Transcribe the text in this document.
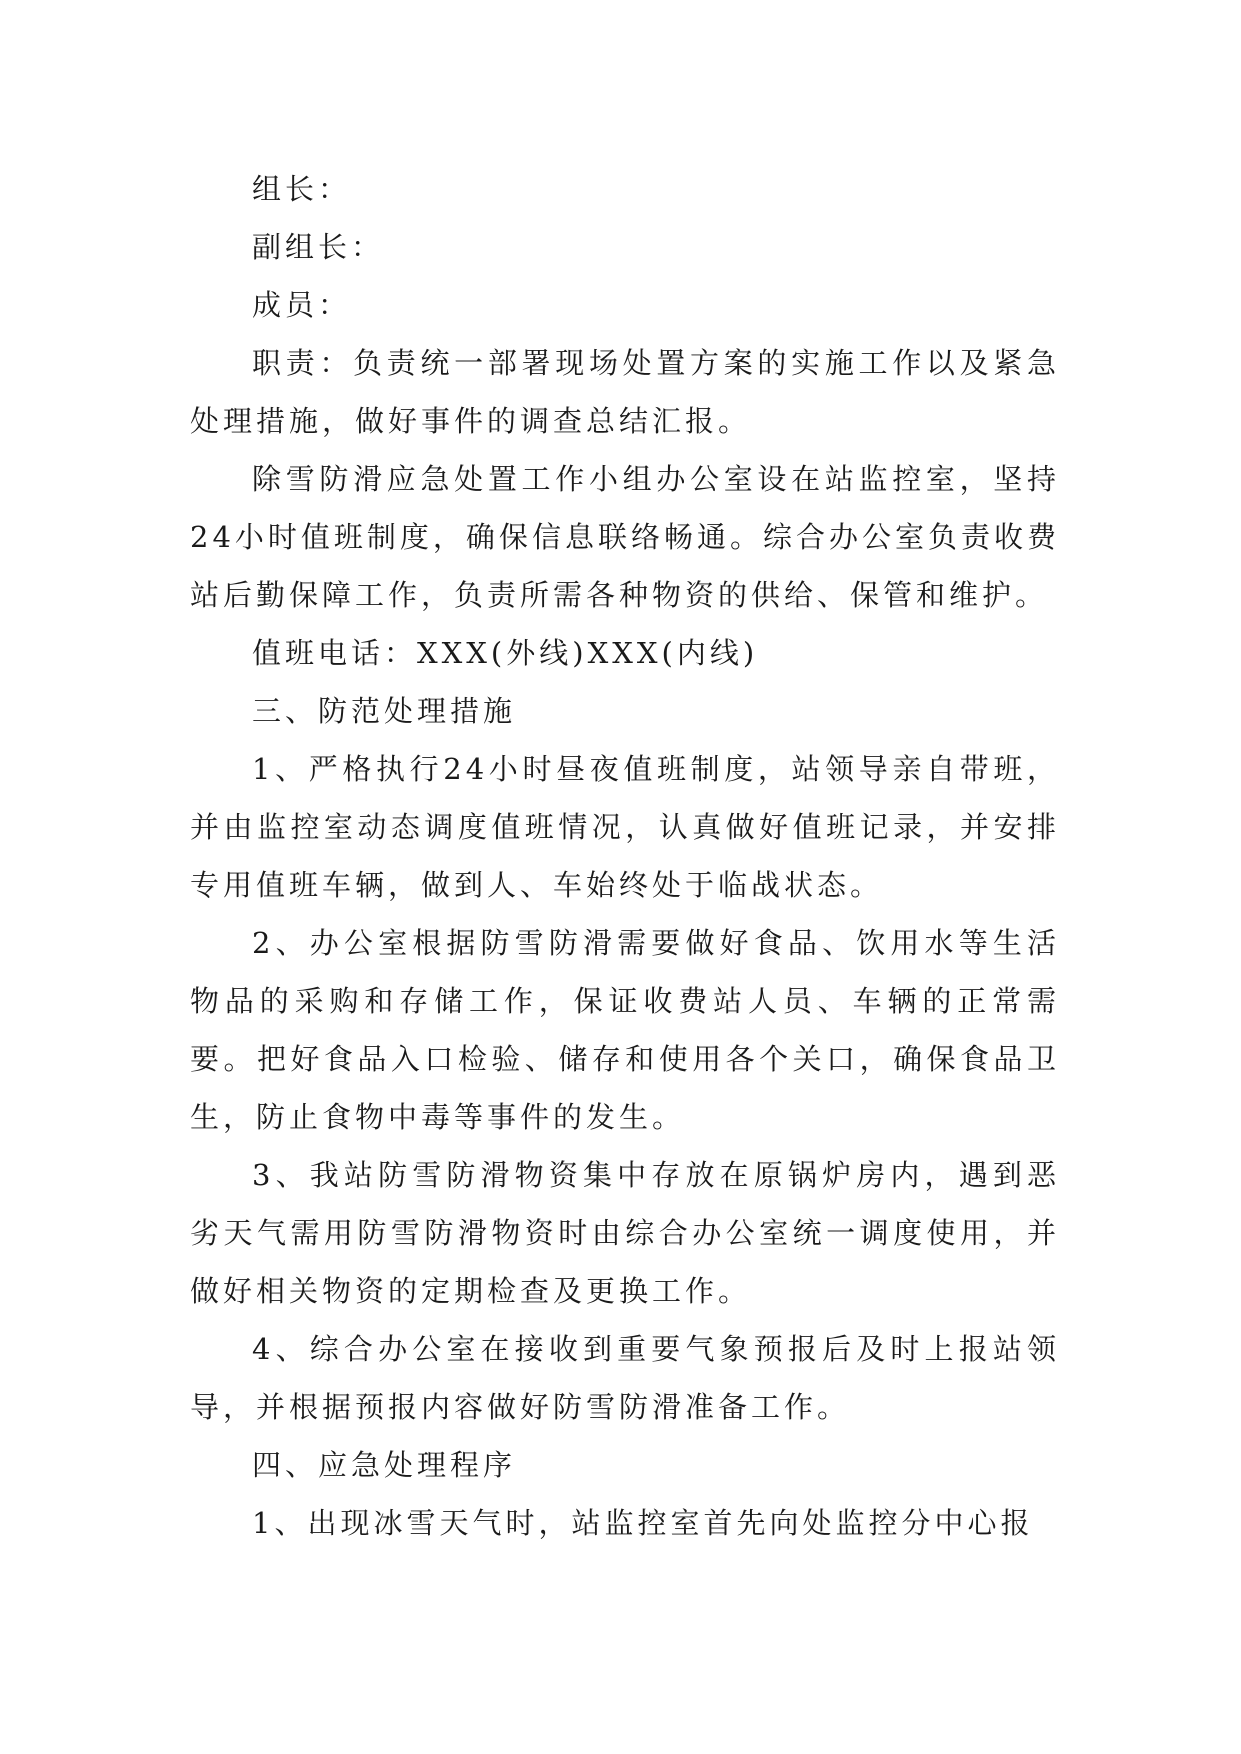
组长：

副组长：

成员：

职责：负责统一部署现场处置方案的实施工作以及紧急处理措施，做好事件的调查总结汇报。

除雪防滑应急处置工作小组办公室设在站监控室，坚持24小时值班制度，确保信息联络畅通。综合办公室负责收费站后勤保障工作，负责所需各种物资的供给、保管和维护。

值班电话：XXX(外线)XXX(内线)

三、防范处理措施

1、严格执行24小时昼夜值班制度，站领导亲自带班，并由监控室动态调度值班情况，认真做好值班记录，并安排专用值班车辆，做到人、车始终处于临战状态。

2、办公室根据防雪防滑需要做好食品、饮用水等生活物品的采购和存储工作，保证收费站人员、车辆的正常需要。把好食品入口检验、储存和使用各个关口，确保食品卫生，防止食物中毒等事件的发生。

3、我站防雪防滑物资集中存放在原锅炉房内，遇到恶劣天气需用防雪防滑物资时由综合办公室统一调度使用，并做好相关物资的定期检查及更换工作。

4、综合办公室在接收到重要气象预报后及时上报站领导，并根据预报内容做好防雪防滑准备工作。

四、应急处理程序

1、出现冰雪天气时，站监控室首先向处监控分中心报
